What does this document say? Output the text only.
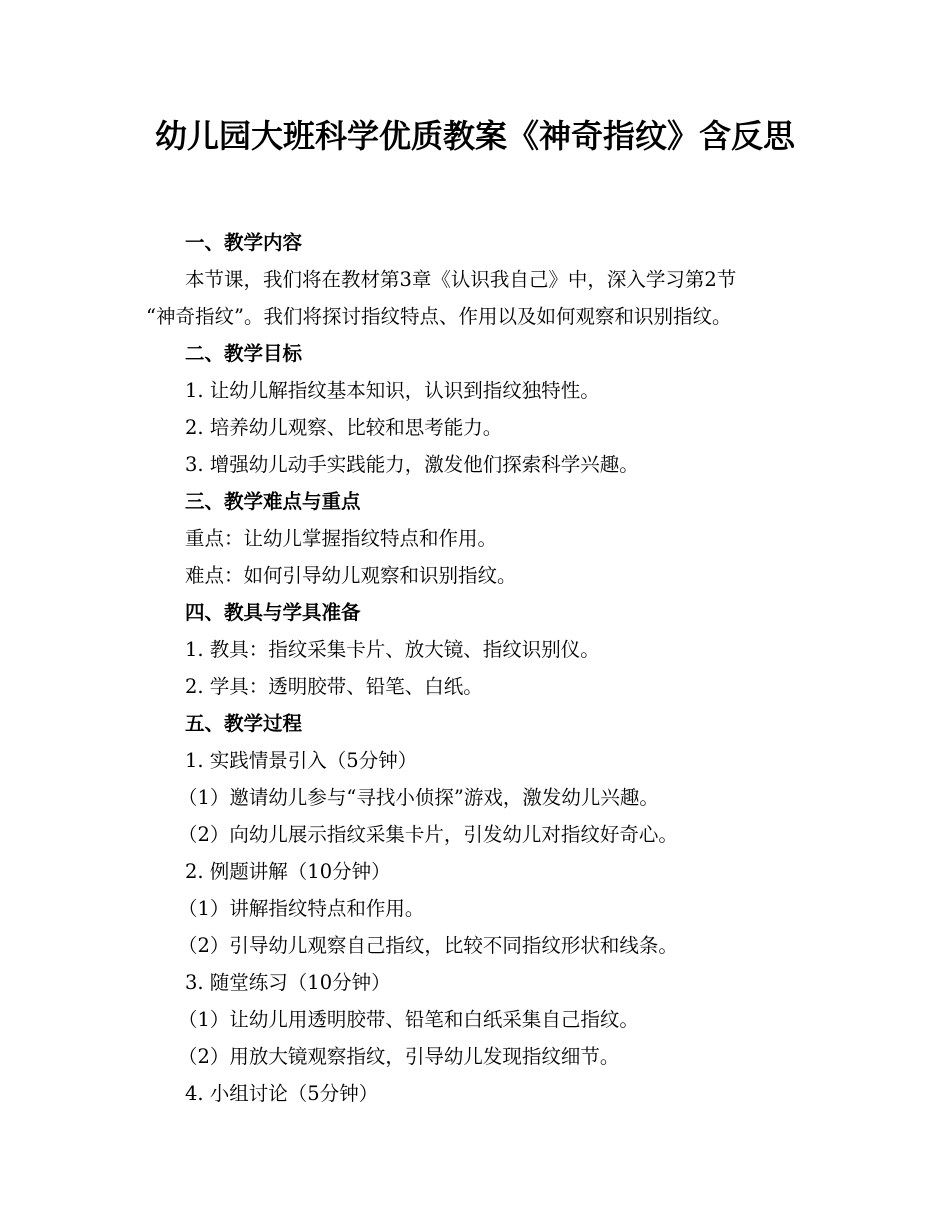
幼儿园大班科学优质教案《神奇指纹》含反思
一、教学内容
本节课，我们将在教材第3章《认识我自己》中，深入学习第2节
“神奇指纹”。我们将探讨指纹特点、作用以及如何观察和识别指纹。
二、教学目标
1. 让幼儿解指纹基本知识，认识到指纹独特性。
2. 培养幼儿观察、比较和思考能力。
3. 增强幼儿动手实践能力，激发他们探索科学兴趣。
三、教学难点与重点
重点：让幼儿掌握指纹特点和作用。
难点：如何引导幼儿观察和识别指纹。
四、教具与学具准备
1. 教具：指纹采集卡片、放大镜、指纹识别仪。
2. 学具：透明胶带、铅笔、白纸。
五、教学过程
1. 实践情景引入（5分钟）
（1）邀请幼儿参与“寻找小侦探”游戏，激发幼儿兴趣。
（2）向幼儿展示指纹采集卡片，引发幼儿对指纹好奇心。
2. 例题讲解（10分钟）
（1）讲解指纹特点和作用。
（2）引导幼儿观察自己指纹，比较不同指纹形状和线条。
3. 随堂练习（10分钟）
（1）让幼儿用透明胶带、铅笔和白纸采集自己指纹。
（2）用放大镜观察指纹，引导幼儿发现指纹细节。
4. 小组讨论（5分钟）
